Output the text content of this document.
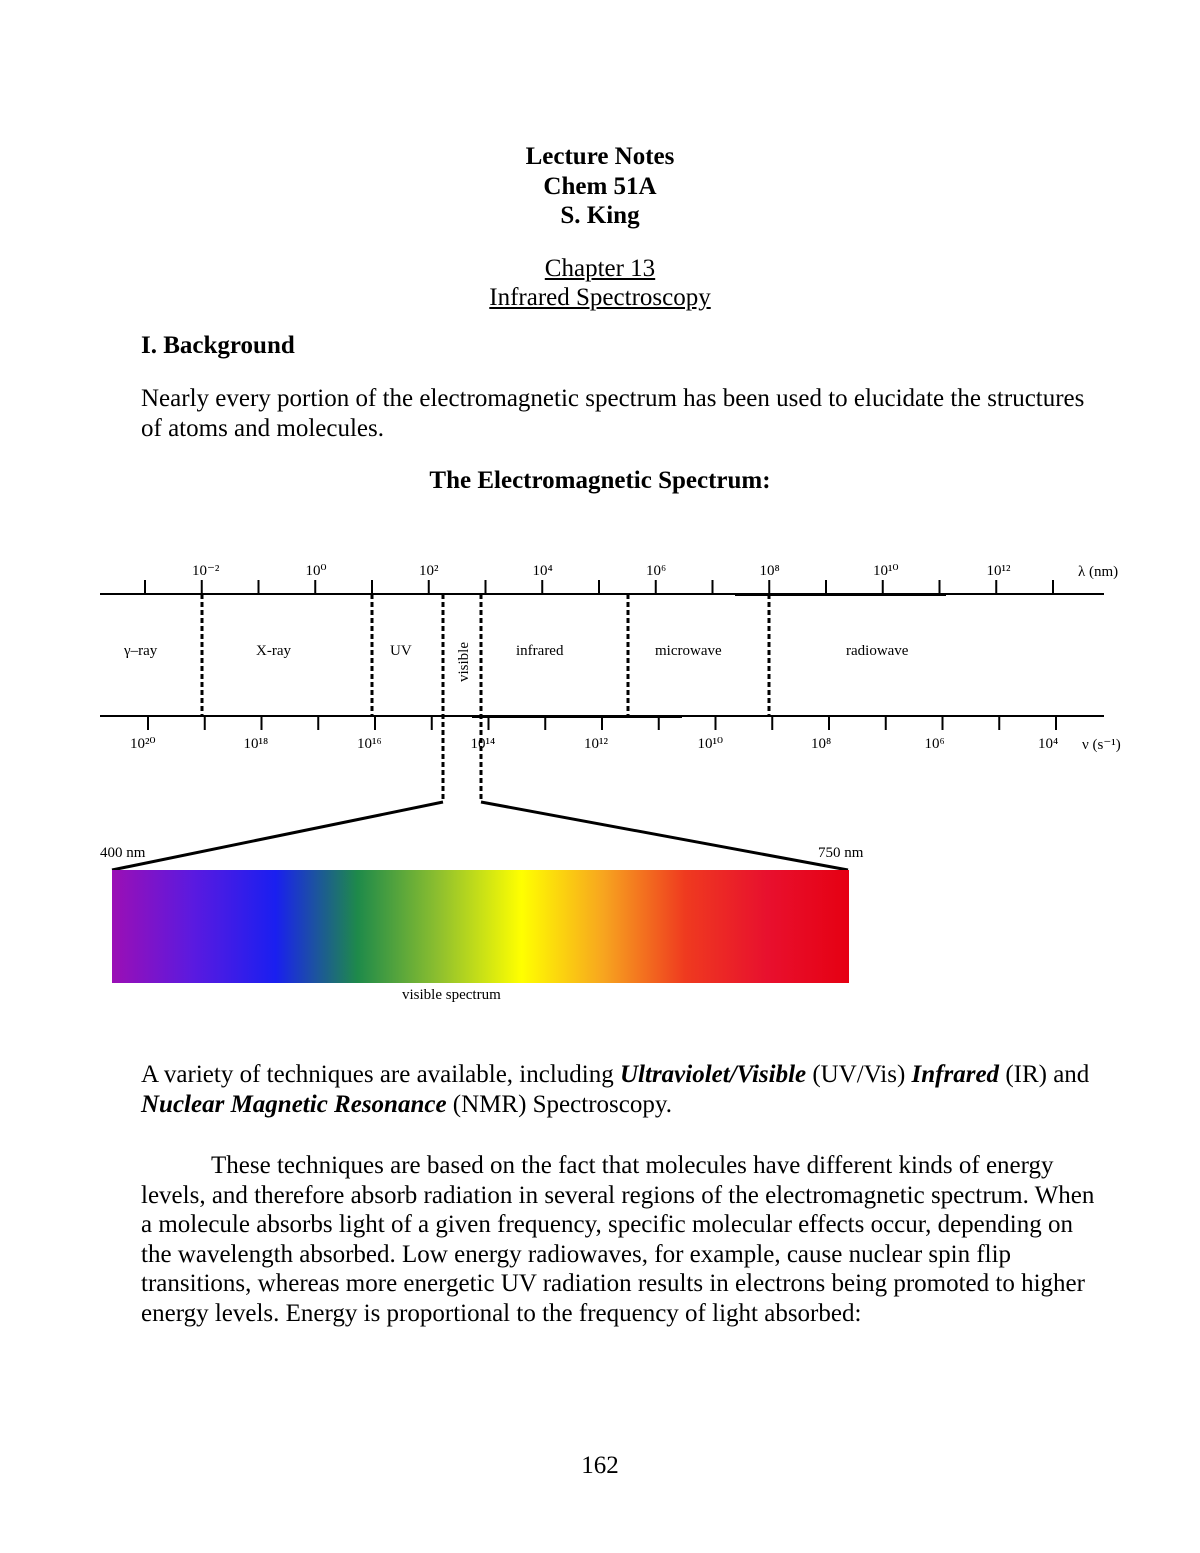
Lecture Notes
Chem 51A
S. King
Chapter 13
Infrared Spectroscopy
I. Background

Nearly every portion of the electromagnetic spectrum has been used to elucidate the structures of atoms and molecules.

The Electromagnetic Spectrum:
10⁻²	10⁰	10²	10⁴	10⁶	10⁸	10¹⁰	10¹²	λ (nm)
10²⁰	10¹⁸	10¹⁶	10¹⁴	10¹²	10¹⁰	10⁸	10⁶	10⁴ ν (s⁻¹)
γ–ray	X-ray	UV	visible	infrared	microwave	radiowave
400 nm	750 nm
visible spectrum

A variety of techniques are available, including Ultraviolet/Visible (UV/Vis) Infrared (IR) and Nuclear Magnetic Resonance (NMR) Spectroscopy.

These techniques are based on the fact that molecules have different kinds of energy levels, and therefore absorb radiation in several regions of the electromagnetic spectrum. When a molecule absorbs light of a given frequency, specific molecular effects occur, depending on the wavelength absorbed. Low energy radiowaves, for example, cause nuclear spin flip transitions, whereas more energetic UV radiation results in electrons being promoted to higher energy levels. Energy is proportional to the frequency of light absorbed:

162
